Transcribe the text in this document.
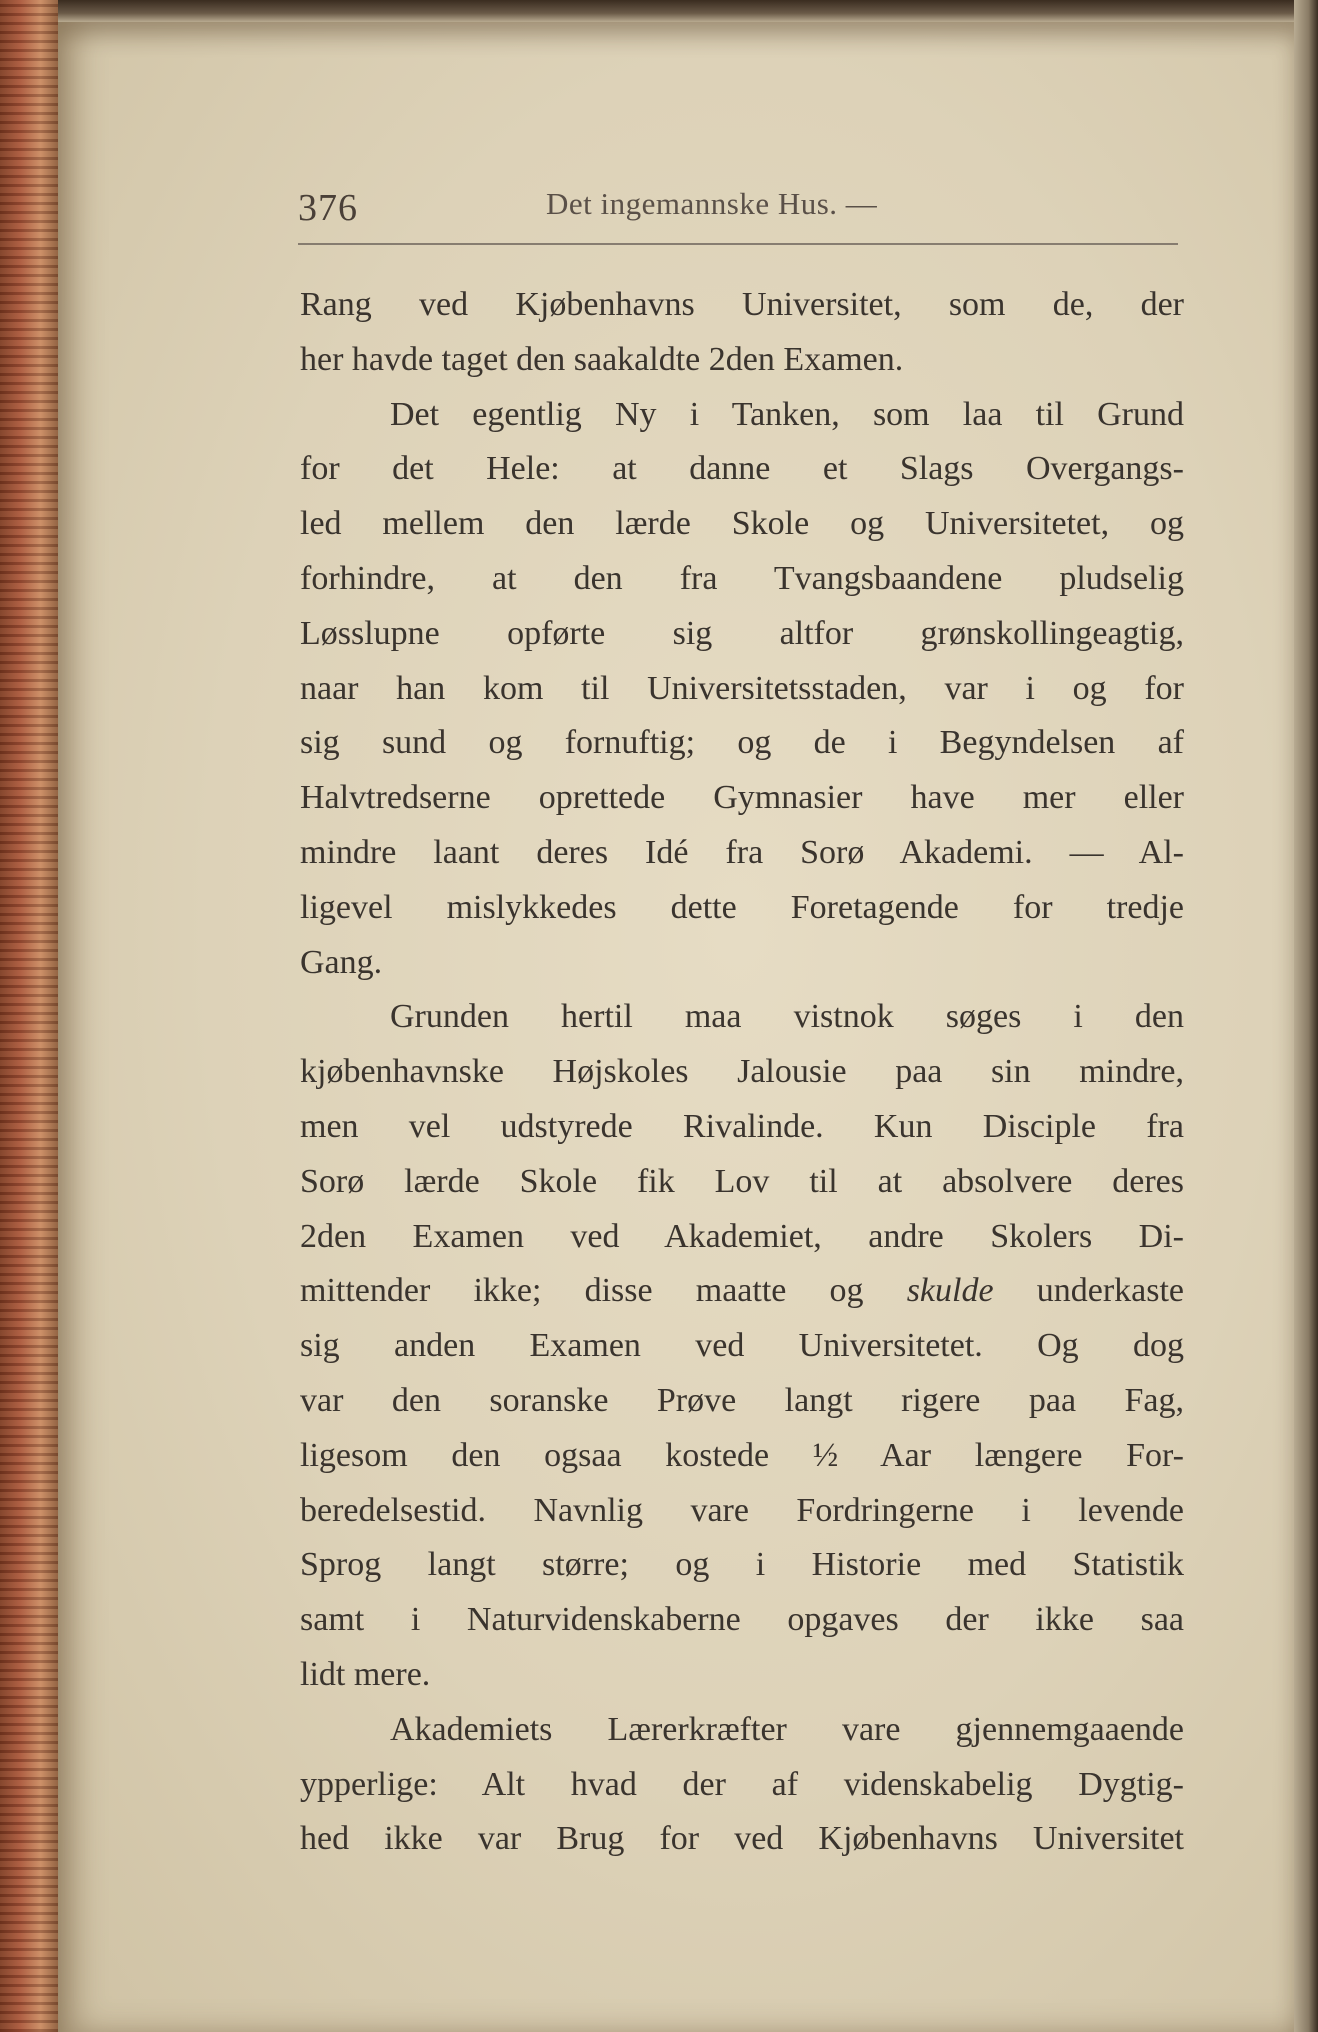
376	Det ingemannske Hus. —
Rang ved Kjøbenhavns Universitet, som de, der
her havde taget den saakaldte 2den Examen.
Det egentlig Ny i Tanken, som laa til Grund
for det Hele: at danne et Slags Overgangs-
led mellem den lærde Skole og Universitetet, og
forhindre, at den fra Tvangsbaandene pludselig
Løsslupne opførte sig altfor grønskollingeagtig,
naar han kom til Universitetsstaden, var i og for
sig sund og fornuftig; og de i Begyndelsen af
Halvtredserne oprettede Gymnasier have mer eller
mindre laant deres Idé fra Sorø Akademi. — Al-
ligevel mislykkedes dette Foretagende for tredje
Gang.
Grunden hertil maa vistnok søges i den
kjøbenhavnske Højskoles Jalousie paa sin mindre,
men vel udstyrede Rivalinde. Kun Disciple fra
Sorø lærde Skole fik Lov til at absolvere deres
2den Examen ved Akademiet, andre Skolers Di-
mittender ikke; disse maatte og skulde underkaste
sig anden Examen ved Universitetet. Og dog
var den soranske Prøve langt rigere paa Fag,
ligesom den ogsaa kostede ½ Aar længere For-
beredelsestid. Navnlig vare Fordringerne i levende
Sprog langt større; og i Historie med Statistik
samt i Naturvidenskaberne opgaves der ikke saa
lidt mere.
Akademiets Lærerkræfter vare gjennemgaaende
ypperlige: Alt hvad der af videnskabelig Dygtig-
hed ikke var Brug for ved Kjøbenhavns Universitet
